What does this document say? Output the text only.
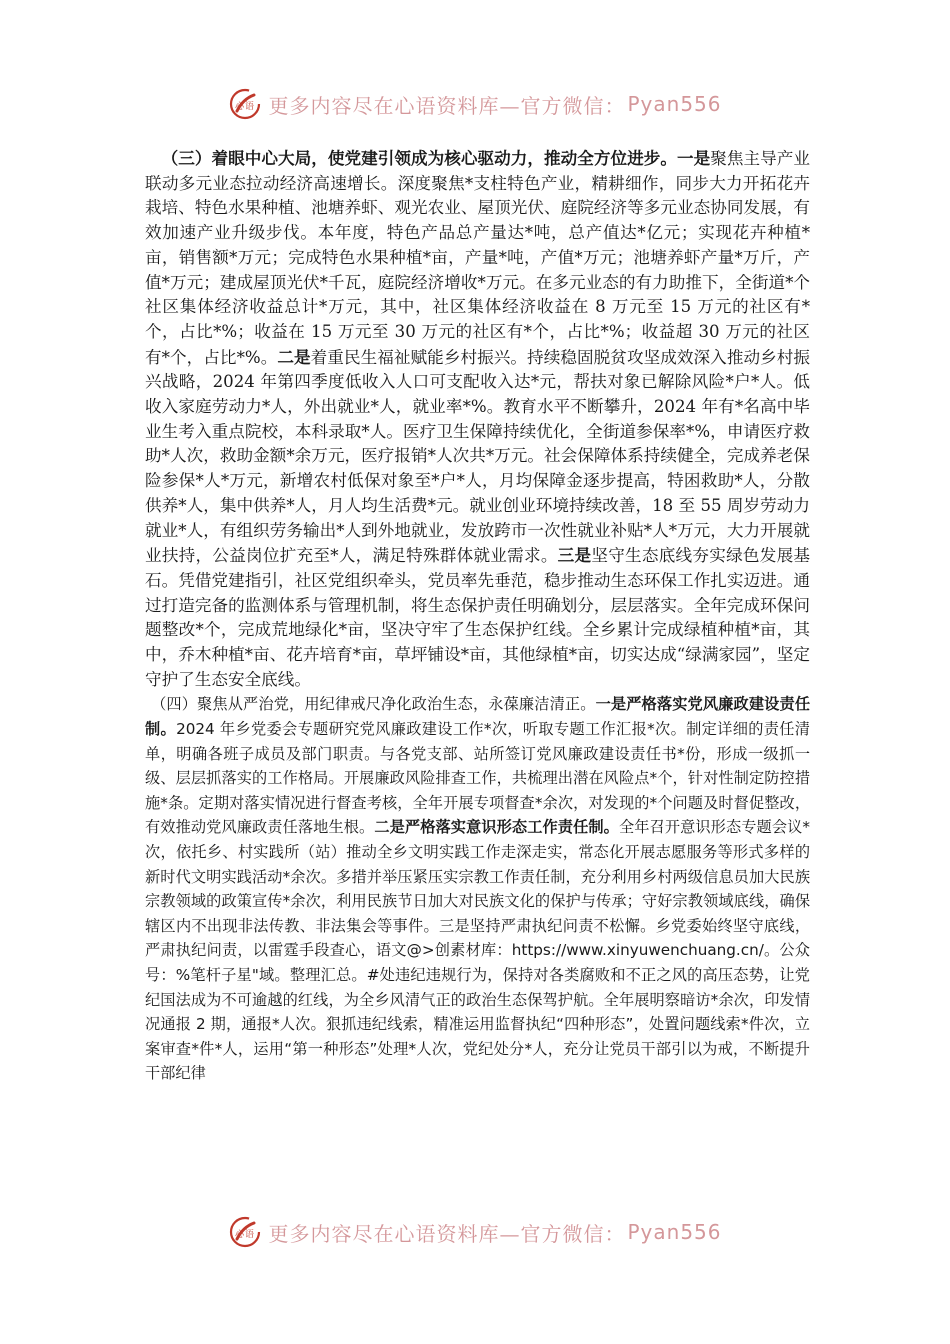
心语 更多内容尽在心语资料库—官方微信： Pyan556

（三）着眼中心大局，使党建引领成为核心驱动力，推动全方位进步。一是聚焦主导产业联动多元业态拉动经济高速增长。深度聚焦*支柱特色产业，精耕细作，同步大力开拓花卉栽培、特色水果种植、池塘养虾、观光农业、屋顶光伏、庭院经济等多元业态协同发展，有效加速产业升级步伐。本年度，特色产品总产量达*吨，总产值达*亿元；实现花卉种植*亩，销售额*万元；完成特色水果种植*亩，产量*吨，产值*万元；池塘养虾产量*万斤，产值*万元；建成屋顶光伏*千瓦，庭院经济增收*万元。在多元业态的有力助推下，全街道*个社区集体经济收益总计*万元，其中，社区集体经济收益在 8 万元至 15 万元的社区有*个，占比*%；收益在 15 万元至 30 万元的社区有*个，占比*%；收益超 30 万元的社区有*个，占比*%。二是着重民生福祉赋能乡村振兴。持续稳固脱贫攻坚成效深入推动乡村振兴战略，2024 年第四季度低收入人口可支配收入达*元，帮扶对象已解除风险*户*人。低收入家庭劳动力*人，外出就业*人，就业率*%。教育水平不断攀升，2024 年有*名高中毕业生考入重点院校，本科录取*人。医疗卫生保障持续优化，全街道参保率*%，申请医疗救助*人次，救助金额*余万元，医疗报销*人次共*万元。社会保障体系持续健全，完成养老保险参保*人*万元，新增农村低保对象至*户*人，月均保障金逐步提高，特困救助*人，分散供养*人，集中供养*人，月人均生活费*元。就业创业环境持续改善，18 至 55 周岁劳动力就业*人，有组织劳务输出*人到外地就业，发放跨市一次性就业补贴*人*万元，大力开展就业扶持，公益岗位扩充至*人，满足特殊群体就业需求。三是坚守生态底线夯实绿色发展基石。凭借党建指引，社区党组织牵头，党员率先垂范，稳步推动生态环保工作扎实迈进。通过打造完备的监测体系与管理机制，将生态保护责任明确划分，层层落实。全年完成环保问题整改*个，完成荒地绿化*亩，坚决守牢了生态保护红线。全乡累计完成绿植种植*亩，其中，乔木种植*亩、花卉培育*亩，草坪铺设*亩，其他绿植*亩，切实达成“绿满家园”，坚定守护了生态安全底线。

（四）聚焦从严治党，用纪律戒尺净化政治生态，永葆廉洁清正。一是严格落实党风廉政建设责任制。2024 年乡党委会专题研究党风廉政建设工作*次，听取专题工作汇报*次。制定详细的责任清单，明确各班子成员及部门职责。与各党支部、站所签订党风廉政建设责任书*份，形成一级抓一级、层层抓落实的工作格局。开展廉政风险排查工作，共梳理出潜在风险点*个，针对性制定防控措施*条。定期对落实情况进行督查考核，全年开展专项督查*余次，对发现的*个问题及时督促整改，有效推动党风廉政责任落地生根。二是严格落实意识形态工作责任制。全年召开意识形态专题会议*次，依托乡、村实践所（站）推动全乡文明实践工作走深走实，常态化开展志愿服务等形式多样的新时代文明实践活动*余次。多措并举压紧压实宗教工作责任制，充分利用乡村两级信息员加大民族宗教领域的政策宣传*余次，利用民族节日加大对民族文化的保护与传承；守好宗教领域底线，确保辖区内不出现非法传教、非法集会等事件。三是坚持严肃执纪问责不松懈。乡党委始终坚守底线，严肃执纪问责，以雷霆手段查心，语文@>创素材库：https://www.xinyuwenchuang.cn/。公众号：%笔杆子星"域。整理汇总。#处违纪违规行为，保持对各类腐败和不正之风的高压态势，让党纪国法成为不可逾越的红线，为全乡风清气正的政治生态保驾护航。全年展明察暗访*余次，印发情况通报 2 期，通报*人次。狠抓违纪线索，精准运用监督执纪“四种形态”，处置问题线索*件次，立案审查*件*人，运用“第一种形态”处理*人次，党纪处分*人，充分让党员干部引以为戒，不断提升干部纪律

心语 更多内容尽在心语资料库—官方微信： Pyan556
